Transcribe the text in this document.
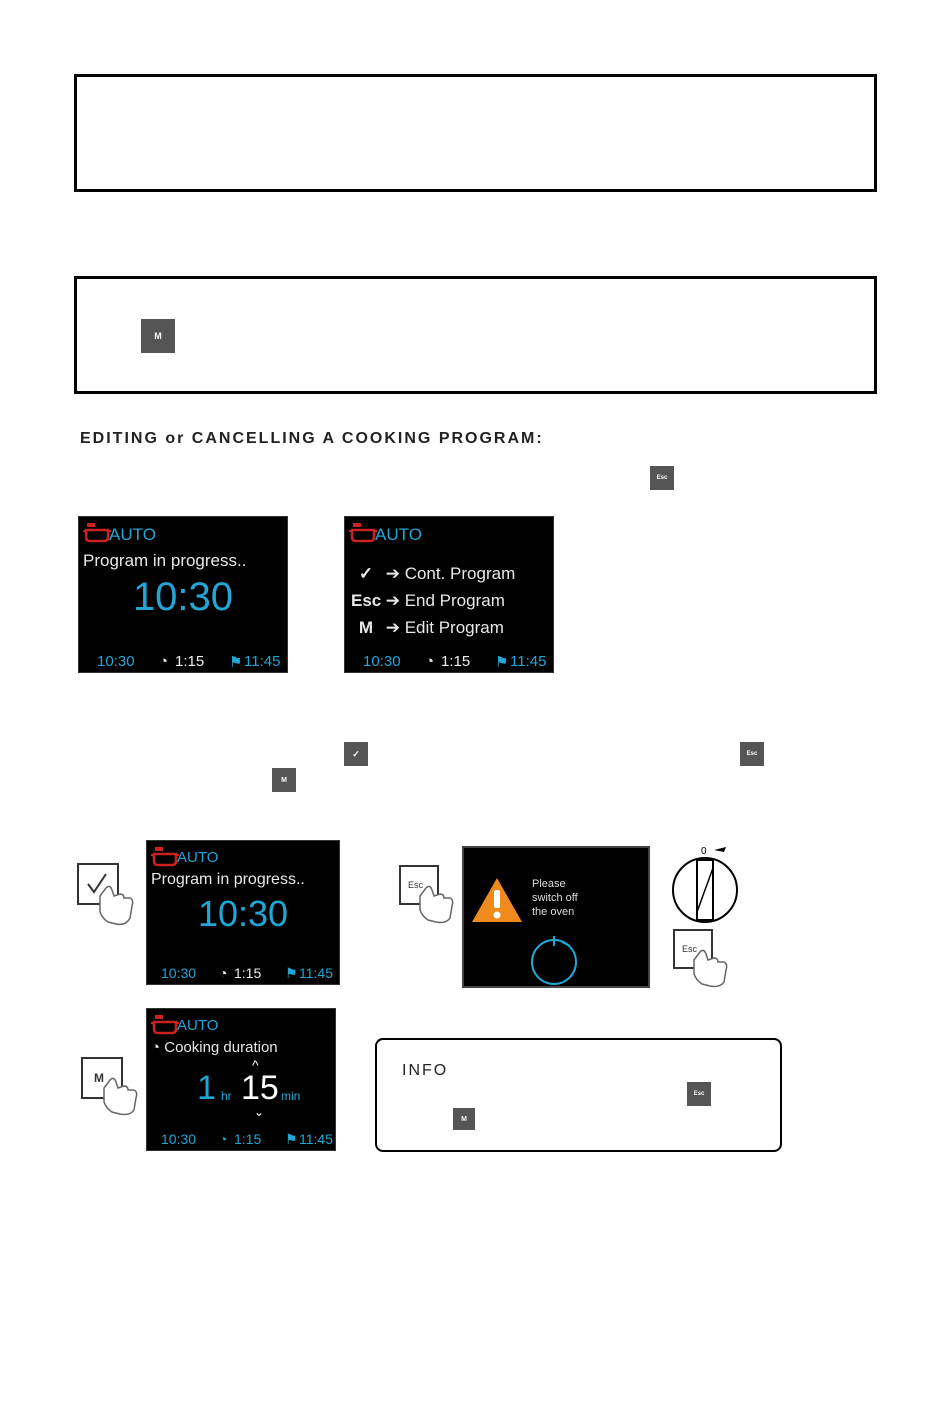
M
EDITING or CANCELLING A COOKING PROGRAM:
Esc
AUTO
Program in progress..
10:30
10:30 ◔ 1:15 ⚑ 11:45
AUTO
✓ ➔ Cont. Program
Esc ➔ End Program
M ➔ Edit Program
10:30 ◔ 1:15 ⚑ 11:45
✓	Esc
M
AUTO
Program in progress..
10:30
10:30 ◔ 1:15 ⚑ 11:45
Esc	Please
switch off
the oven
0
Esc
M
AUTO
◔ Cooking duration
^
1 hr 15 min
⌄
10:30 ◔ 1:15 ⚑ 11:45
INFO
Esc
M
